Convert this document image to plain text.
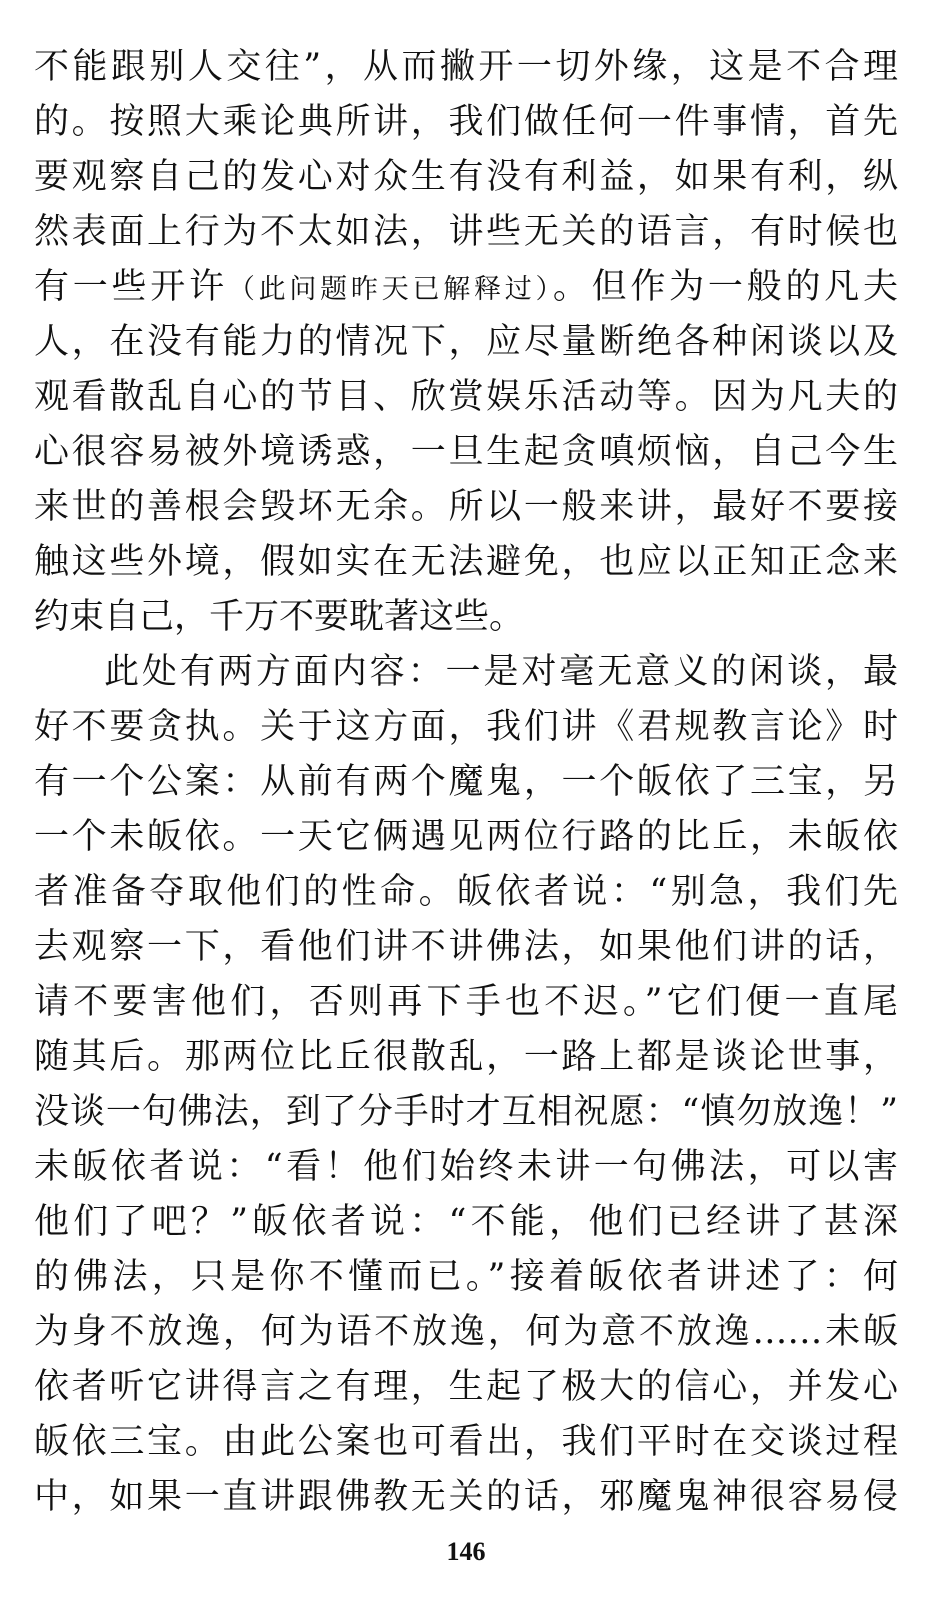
不能跟别人交往”，从而撇开一切外缘，这是不合理
的。按照大乘论典所讲，我们做任何一件事情，首先
要观察自己的发心对众生有没有利益，如果有利，纵
然表面上行为不太如法，讲些无关的语言，有时候也
有一些开许（此问题昨天已解释过）。但作为一般的凡夫
人，在没有能力的情况下，应尽量断绝各种闲谈以及
观看散乱自心的节目、欣赏娱乐活动等。因为凡夫的
心很容易被外境诱惑，一旦生起贪嗔烦恼，自己今生
来世的善根会毁坏无余。所以一般来讲，最好不要接
触这些外境，假如实在无法避免，也应以正知正念来
约束自己，千万不要耽著这些。
此处有两方面内容：一是对毫无意义的闲谈，最
好不要贪执。关于这方面，我们讲《君规教言论》时
有一个公案：从前有两个魔鬼，一个皈依了三宝，另
一个未皈依。一天它俩遇见两位行路的比丘，未皈依
者准备夺取他们的性命。皈依者说：“别急，我们先
去观察一下，看他们讲不讲佛法，如果他们讲的话，
请不要害他们，否则再下手也不迟。”它们便一直尾
随其后。那两位比丘很散乱，一路上都是谈论世事，
没谈一句佛法，到了分手时才互相祝愿：“慎勿放逸！”
未皈依者说：“看！他们始终未讲一句佛法，可以害
他们了吧？”皈依者说：“不能，他们已经讲了甚深
的佛法，只是你不懂而已。”接着皈依者讲述了：何
为身不放逸，何为语不放逸，何为意不放逸……未皈
依者听它讲得言之有理，生起了极大的信心，并发心
皈依三宝。由此公案也可看出，我们平时在交谈过程
中，如果一直讲跟佛教无关的话，邪魔鬼神很容易侵
146
